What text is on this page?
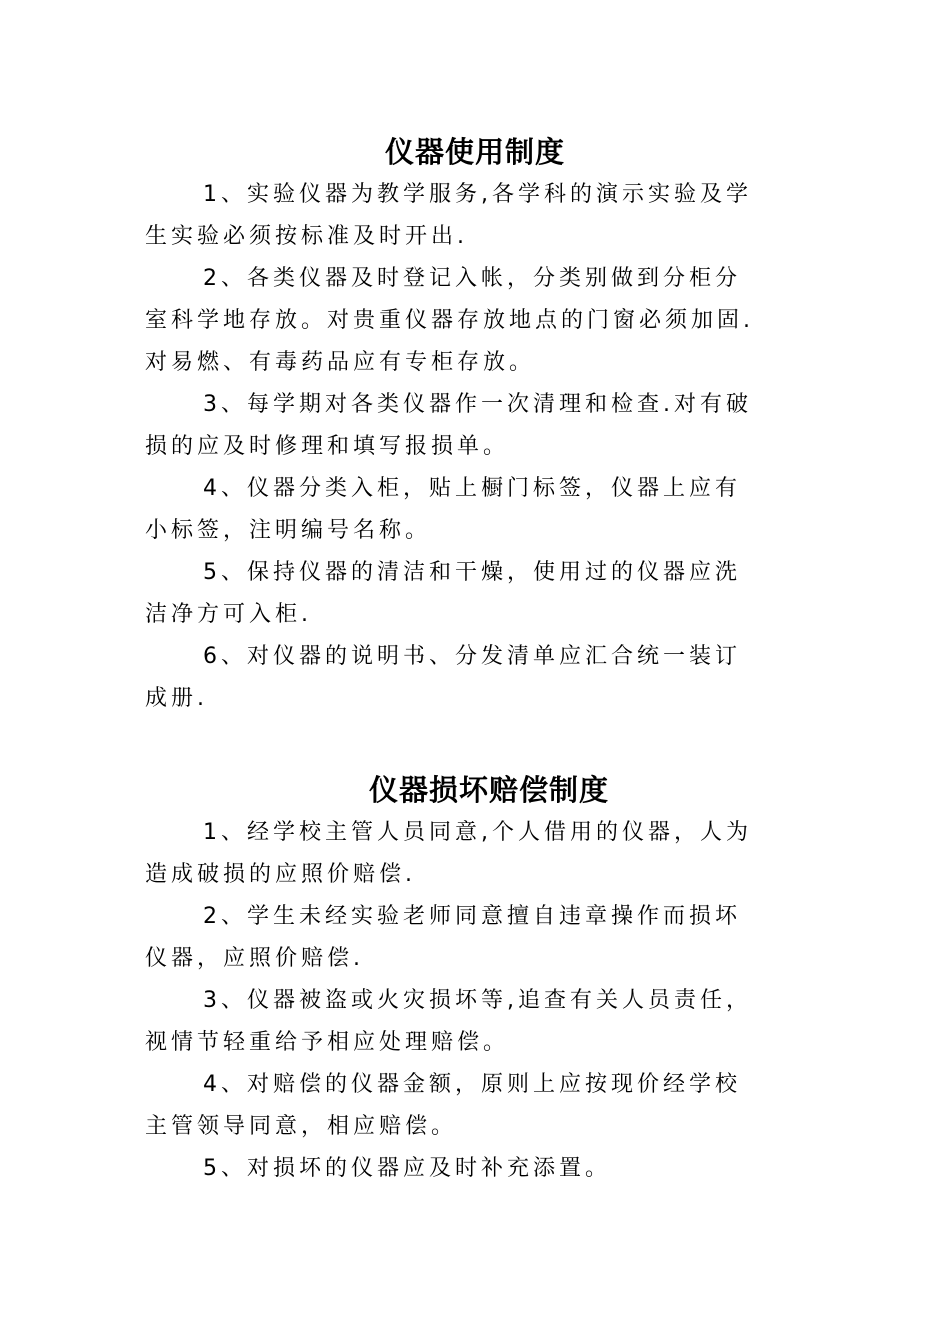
仪器使用制度
1、实验仪器为教学服务,各学科的演示实验及学
生实验必须按标准及时开出.
2、各类仪器及时登记入帐，分类别做到分柜分
室科学地存放。对贵重仪器存放地点的门窗必须加固.
对易燃、有毒药品应有专柜存放。
3、每学期对各类仪器作一次清理和检查.对有破
损的应及时修理和填写报损单。
4、仪器分类入柜，贴上橱门标签，仪器上应有
小标签，注明编号名称。
5、保持仪器的清洁和干燥，使用过的仪器应洗
洁净方可入柜.
6、对仪器的说明书、分发清单应汇合统一装订
成册.
仪器损坏赔偿制度
1、经学校主管人员同意,个人借用的仪器，人为
造成破损的应照价赔偿.
2、学生未经实验老师同意擅自违章操作而损坏
仪器，应照价赔偿.
3、仪器被盗或火灾损坏等,追查有关人员责任，
视情节轻重给予相应处理赔偿。
4、对赔偿的仪器金额，原则上应按现价经学校
主管领导同意，相应赔偿。
5、对损坏的仪器应及时补充添置。
